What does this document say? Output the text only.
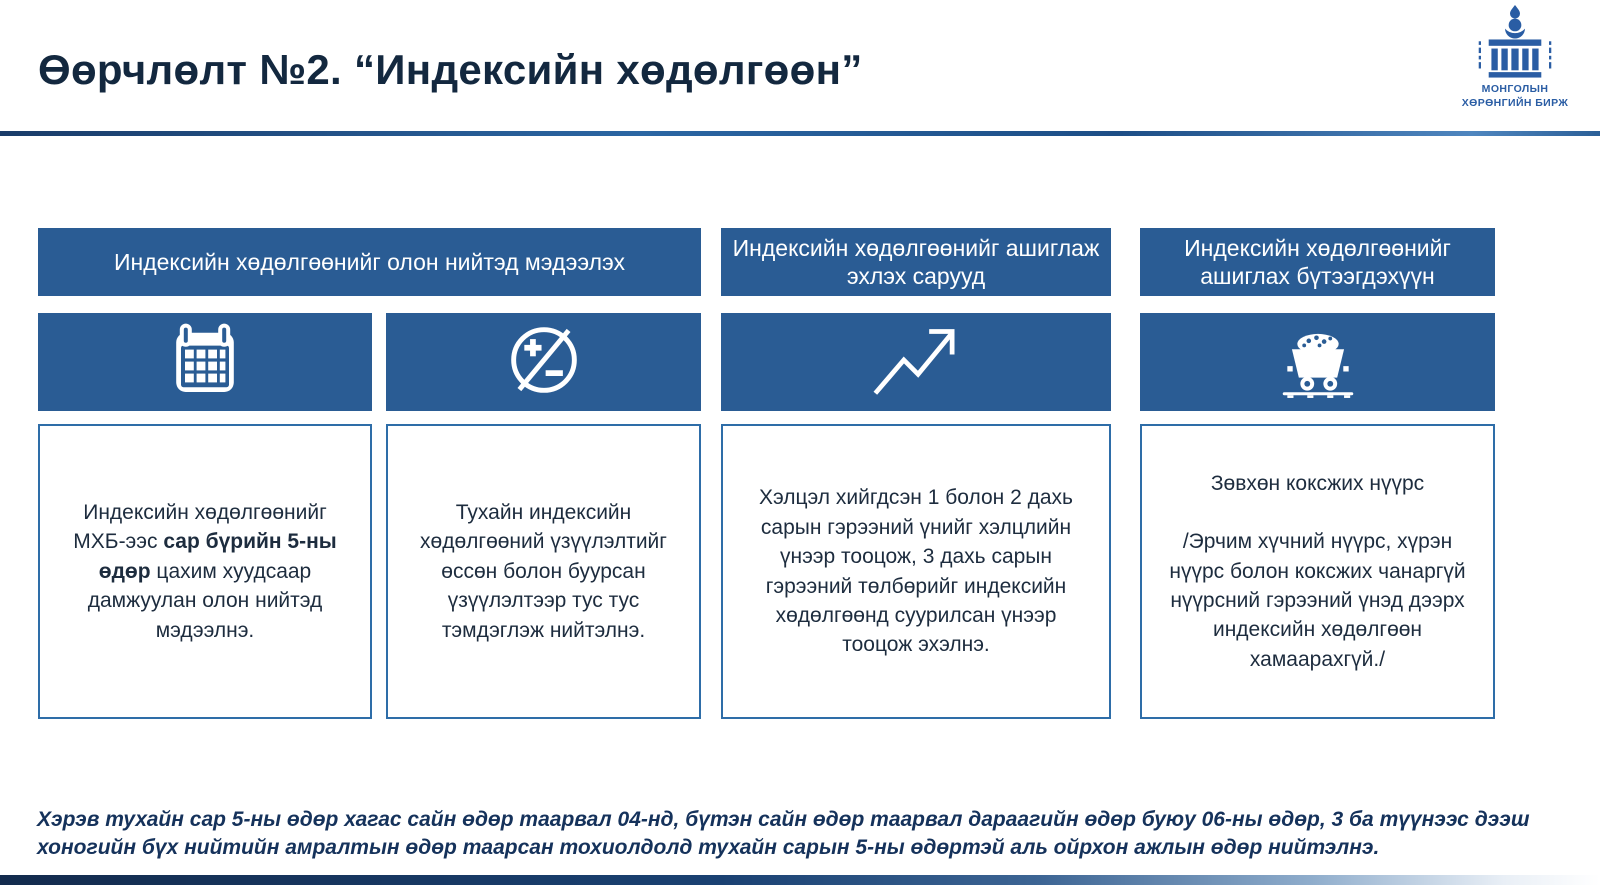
Өөрчлөлт №2. “Индексийн хөдөлгөөн”	МОНГОЛЫН
ХӨРӨНГИЙН БИРЖ
Индексийн хөдөлгөөнийг олон нийтэд мэдээлэх
Индексийн хөдөлгөөнийг ашиглаж эхлэх сарууд
Индексийн хөдөлгөөнийг ашиглах бүтээгдэхүүн
Индексийн хөдөлгөөнийг МХБ-ээс сар бүрийн 5-ны өдөр цахим хуудсаар дамжуулан олон нийтэд мэдээлнэ.
Тухайн индексийн хөдөлгөөний үзүүлэлтийг өссөн болон буурсан үзүүлэлтээр тус тус тэмдэглэж нийтэлнэ.
Хэлцэл хийгдсэн 1 болон 2 дахь сарын гэрээний үнийг хэлцлийн үнээр тооцож, 3 дахь сарын гэрээний төлбөрийг индексийн хөдөлгөөнд суурилсан үнээр тооцож эхэлнэ.
Зөвхөн коксжих нүүрс
/Эрчим хүчний нүүрс, хүрэн нүүрс болон коксжих чанаргүй нүүрсний гэрээний үнэд дээрх индексийн хөдөлгөөн хамаарахгүй./
Хэрэв тухайн сар 5-ны өдөр хагас сайн өдөр таарвал 04-нд, бүтэн сайн өдөр таарвал дараагийн өдөр буюу 06-ны өдөр, 3 ба түүнээс дээш хоногийн бүх нийтийн амралтын өдөр таарсан тохиолдолд тухайн сарын 5-ны өдөртэй аль ойрхон ажлын өдөр нийтэлнэ.
